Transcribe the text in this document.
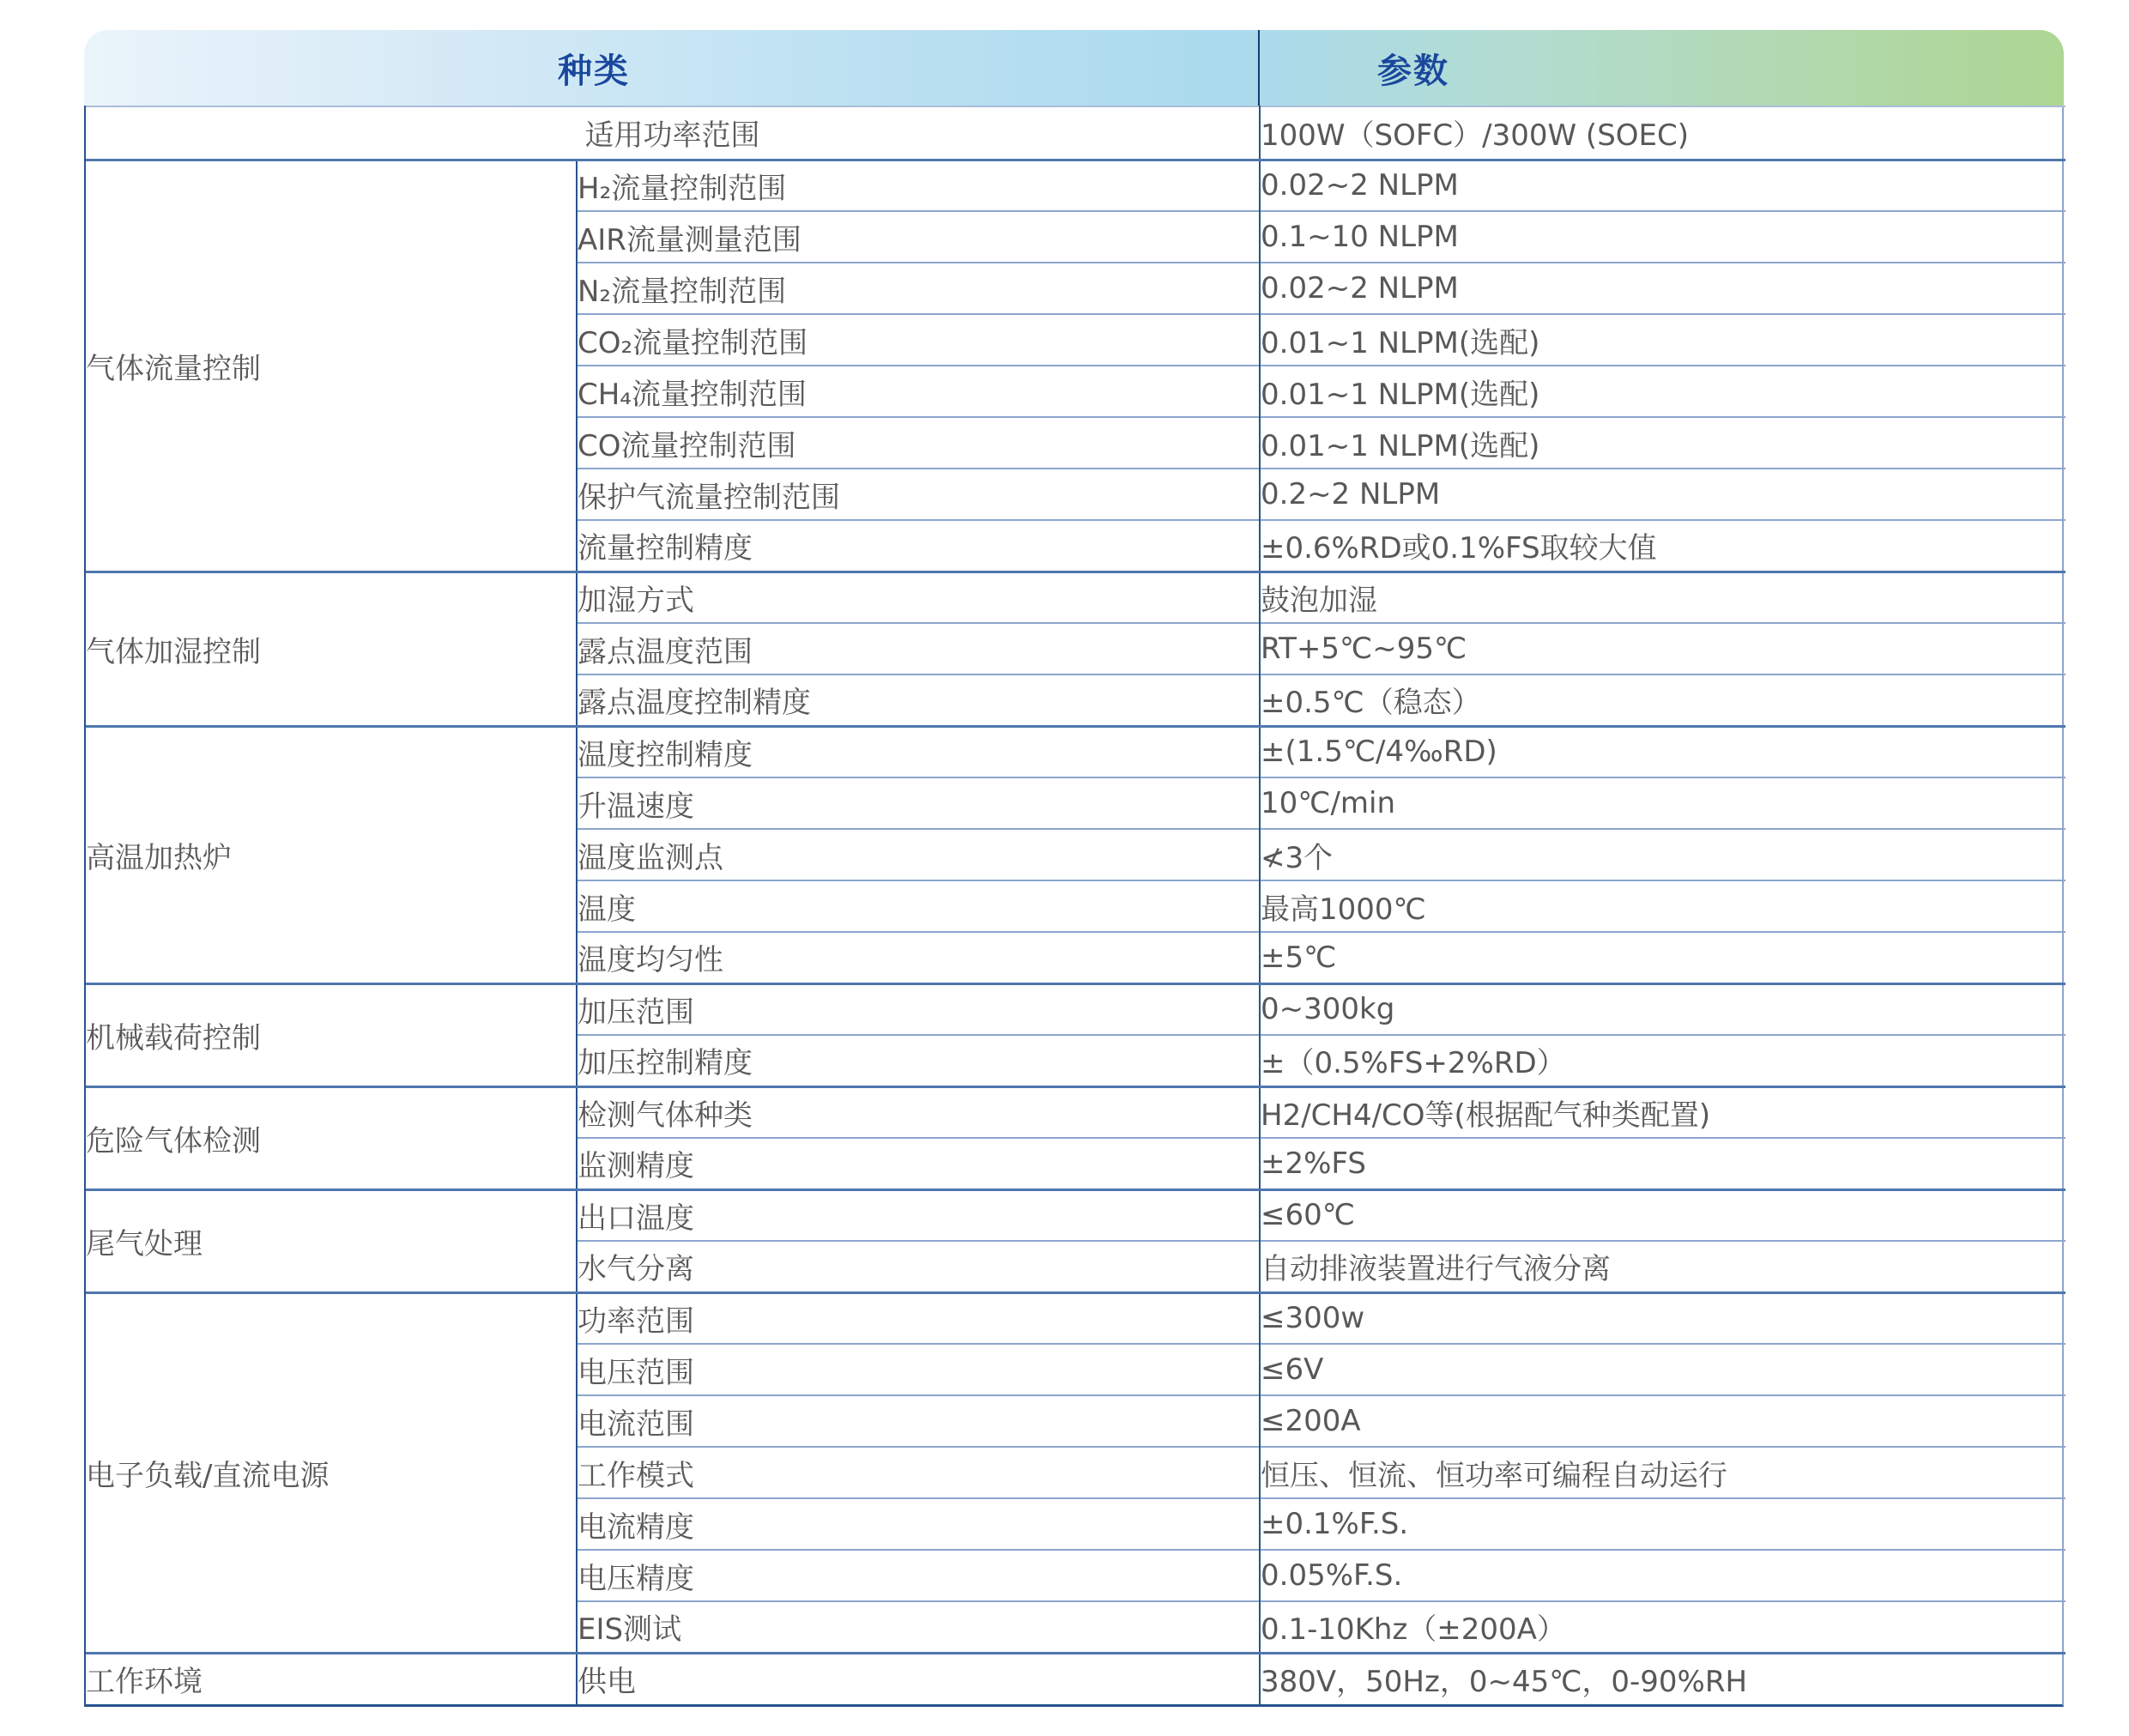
种类	参数
适用功率范围		100W（SOFC）/300W (SOEC)
气体流量控制	H₂流量控制范围	0.02~2 NLPM
	AIR流量测量范围	0.1~10 NLPM
	N₂流量控制范围	0.02~2 NLPM
	CO₂流量控制范围	0.01~1 NLPM(选配)
	CH₄流量控制范围	0.01~1 NLPM(选配)
	CO流量控制范围	0.01~1 NLPM(选配)
	保护气流量控制范围	0.2~2 NLPM
	流量控制精度	±0.6%RD或0.1%FS取较大值
气体加湿控制	加湿方式	鼓泡加湿
	露点温度范围	RT+5℃~95℃
	露点温度控制精度	±0.5℃（稳态）
高温加热炉	温度控制精度	±(1.5℃/4‰RD)
	升温速度	10℃/min
	温度监测点	≮3个
	温度	最高1000℃
	温度均匀性	±5℃
机械载荷控制	加压范围	0~300kg
	加压控制精度	±（0.5%FS+2%RD）
危险气体检测	检测气体种类	H2/CH4/CO等(根据配气种类配置)
	监测精度	±2%FS
尾气处理	出口温度	≤60℃
	水气分离	自动排液装置进行气液分离
电子负载/直流电源	功率范围	≤300w
	电压范围	≤6V
	电流范围	≤200A
	工作模式	恒压、恒流、恒功率可编程自动运行
	电流精度	±0.1%F.S.
	电压精度	0.05%F.S.
	EIS测试	0.1-10Khz（±200A）
工作环境	供电	380V，50Hz，0~45℃，0-90%RH
